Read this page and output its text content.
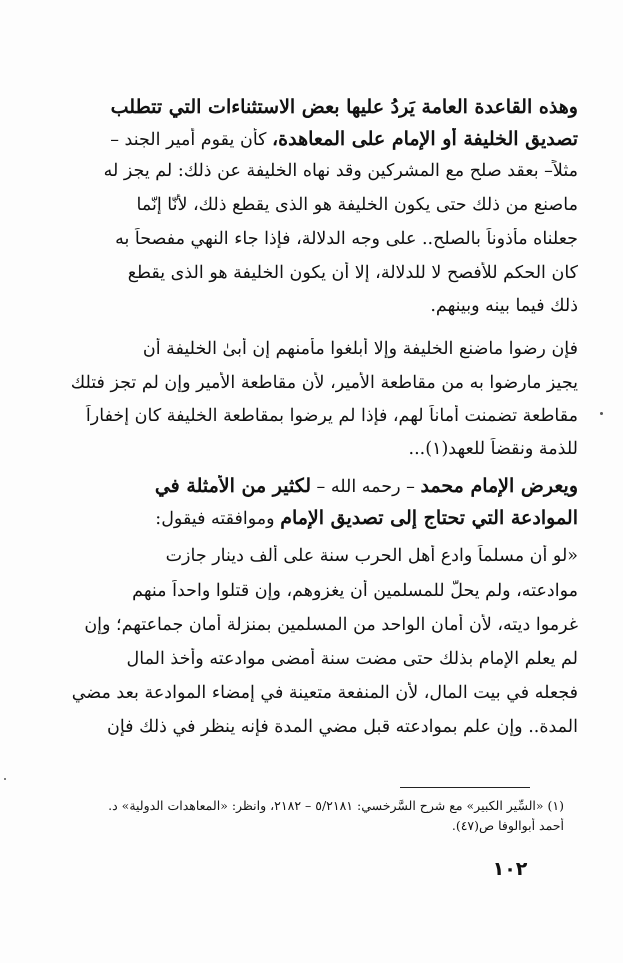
وهذه القاعدة العامة يَردُ عليها بعض الاستثناءات التي تتطلب
تصديق الخليفة أو الإمام على المعاهدة، كأن يقوم أمير الجند –
مثلاً– بعقد صلح مع المشركين وقد نهاه الخليفة عن ذلك: لم يجز له
ماصنع من ذلك حتى يكون الخليفة هو الذى يقطع ذلك، لأنّا إنّما
جعلناه مأذوناً بالصلح.. على وجه الدلالة، فإذا جاء النهي مفصحاً به
كان الحكم للأفصح لا للدلالة، إلا أن يكون الخليفة هو الذى يقطع
ذلك فيما بينه وبينهم.
فإن رضوا ماضنع الخليفة وإلا أُبلغوا مأمنهم إن أبىٰ الخليفة أن
يجيز مارضوا به من مقاطعة الأمير، لأن مقاطعة الأمير وإن لم تجز فتلك
مقاطعة تضمنت أماناً لهم، فإذا لم يرضوا بمقاطعة الخليفة كان إخفاراً
للذمة ونقضاً للعهد(١)...
ويعرض الإمام محمد – رحمه الله – لكثير من الأمثلة في
الموادعة التي تحتاج إلى تصديق الإمام وموافقته فيقول:
«لو أن مسلماً وادع أهل الحرب سنة على ألف دينار جازت
موادعته، ولم يحلّ للمسلمين أن يغزوهم، وإن قتلوا واحداً منهم
غرموا ديته، لأن أمان الواحد من المسلمين بمنزلة أمان جماعتهم؛ وإن
لم يعلم الإمام بذلك حتى مضت سنة أمضى موادعته وأخذ المال
فجعله في بيت المال، لأن المنفعة متعينة في إمضاء الموادعة بعد مضي
المدة.. وإن علم بموادعته قبل مضي المدة فإنه ينظر في ذلك فإن
(١) «السِّير الكبير» مع شرح السَّرخسي: ٥/٢١٨١ – ٢١٨٢، وانظر: «المعاهدات الدولية» د.
أحمد أبوالوفا ص(٤٧).
١٠٢
